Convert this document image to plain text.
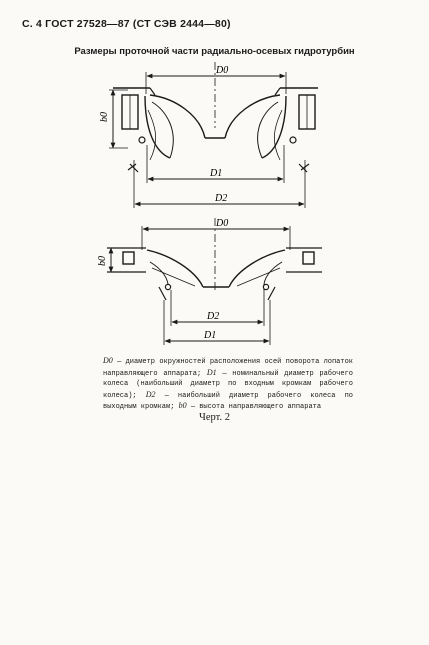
С. 4 ГОСТ 27528—87 (СТ СЭВ 2444—80)
Размеры проточной части радиально-осевых гидротурбин
D0
D1
D2
b0
D0
D2
D1
b0
D0 — диаметр окружностей расположения осей поворота лопаток направляющего аппарата; D1 — номинальный диаметр рабочего колеса (наибольший диаметр по входным кромкам рабочего колеса); D2 — наибольший диаметр рабочего колеса по выходным кромкам; b0 — высота направляющего аппарата
Черт. 2
